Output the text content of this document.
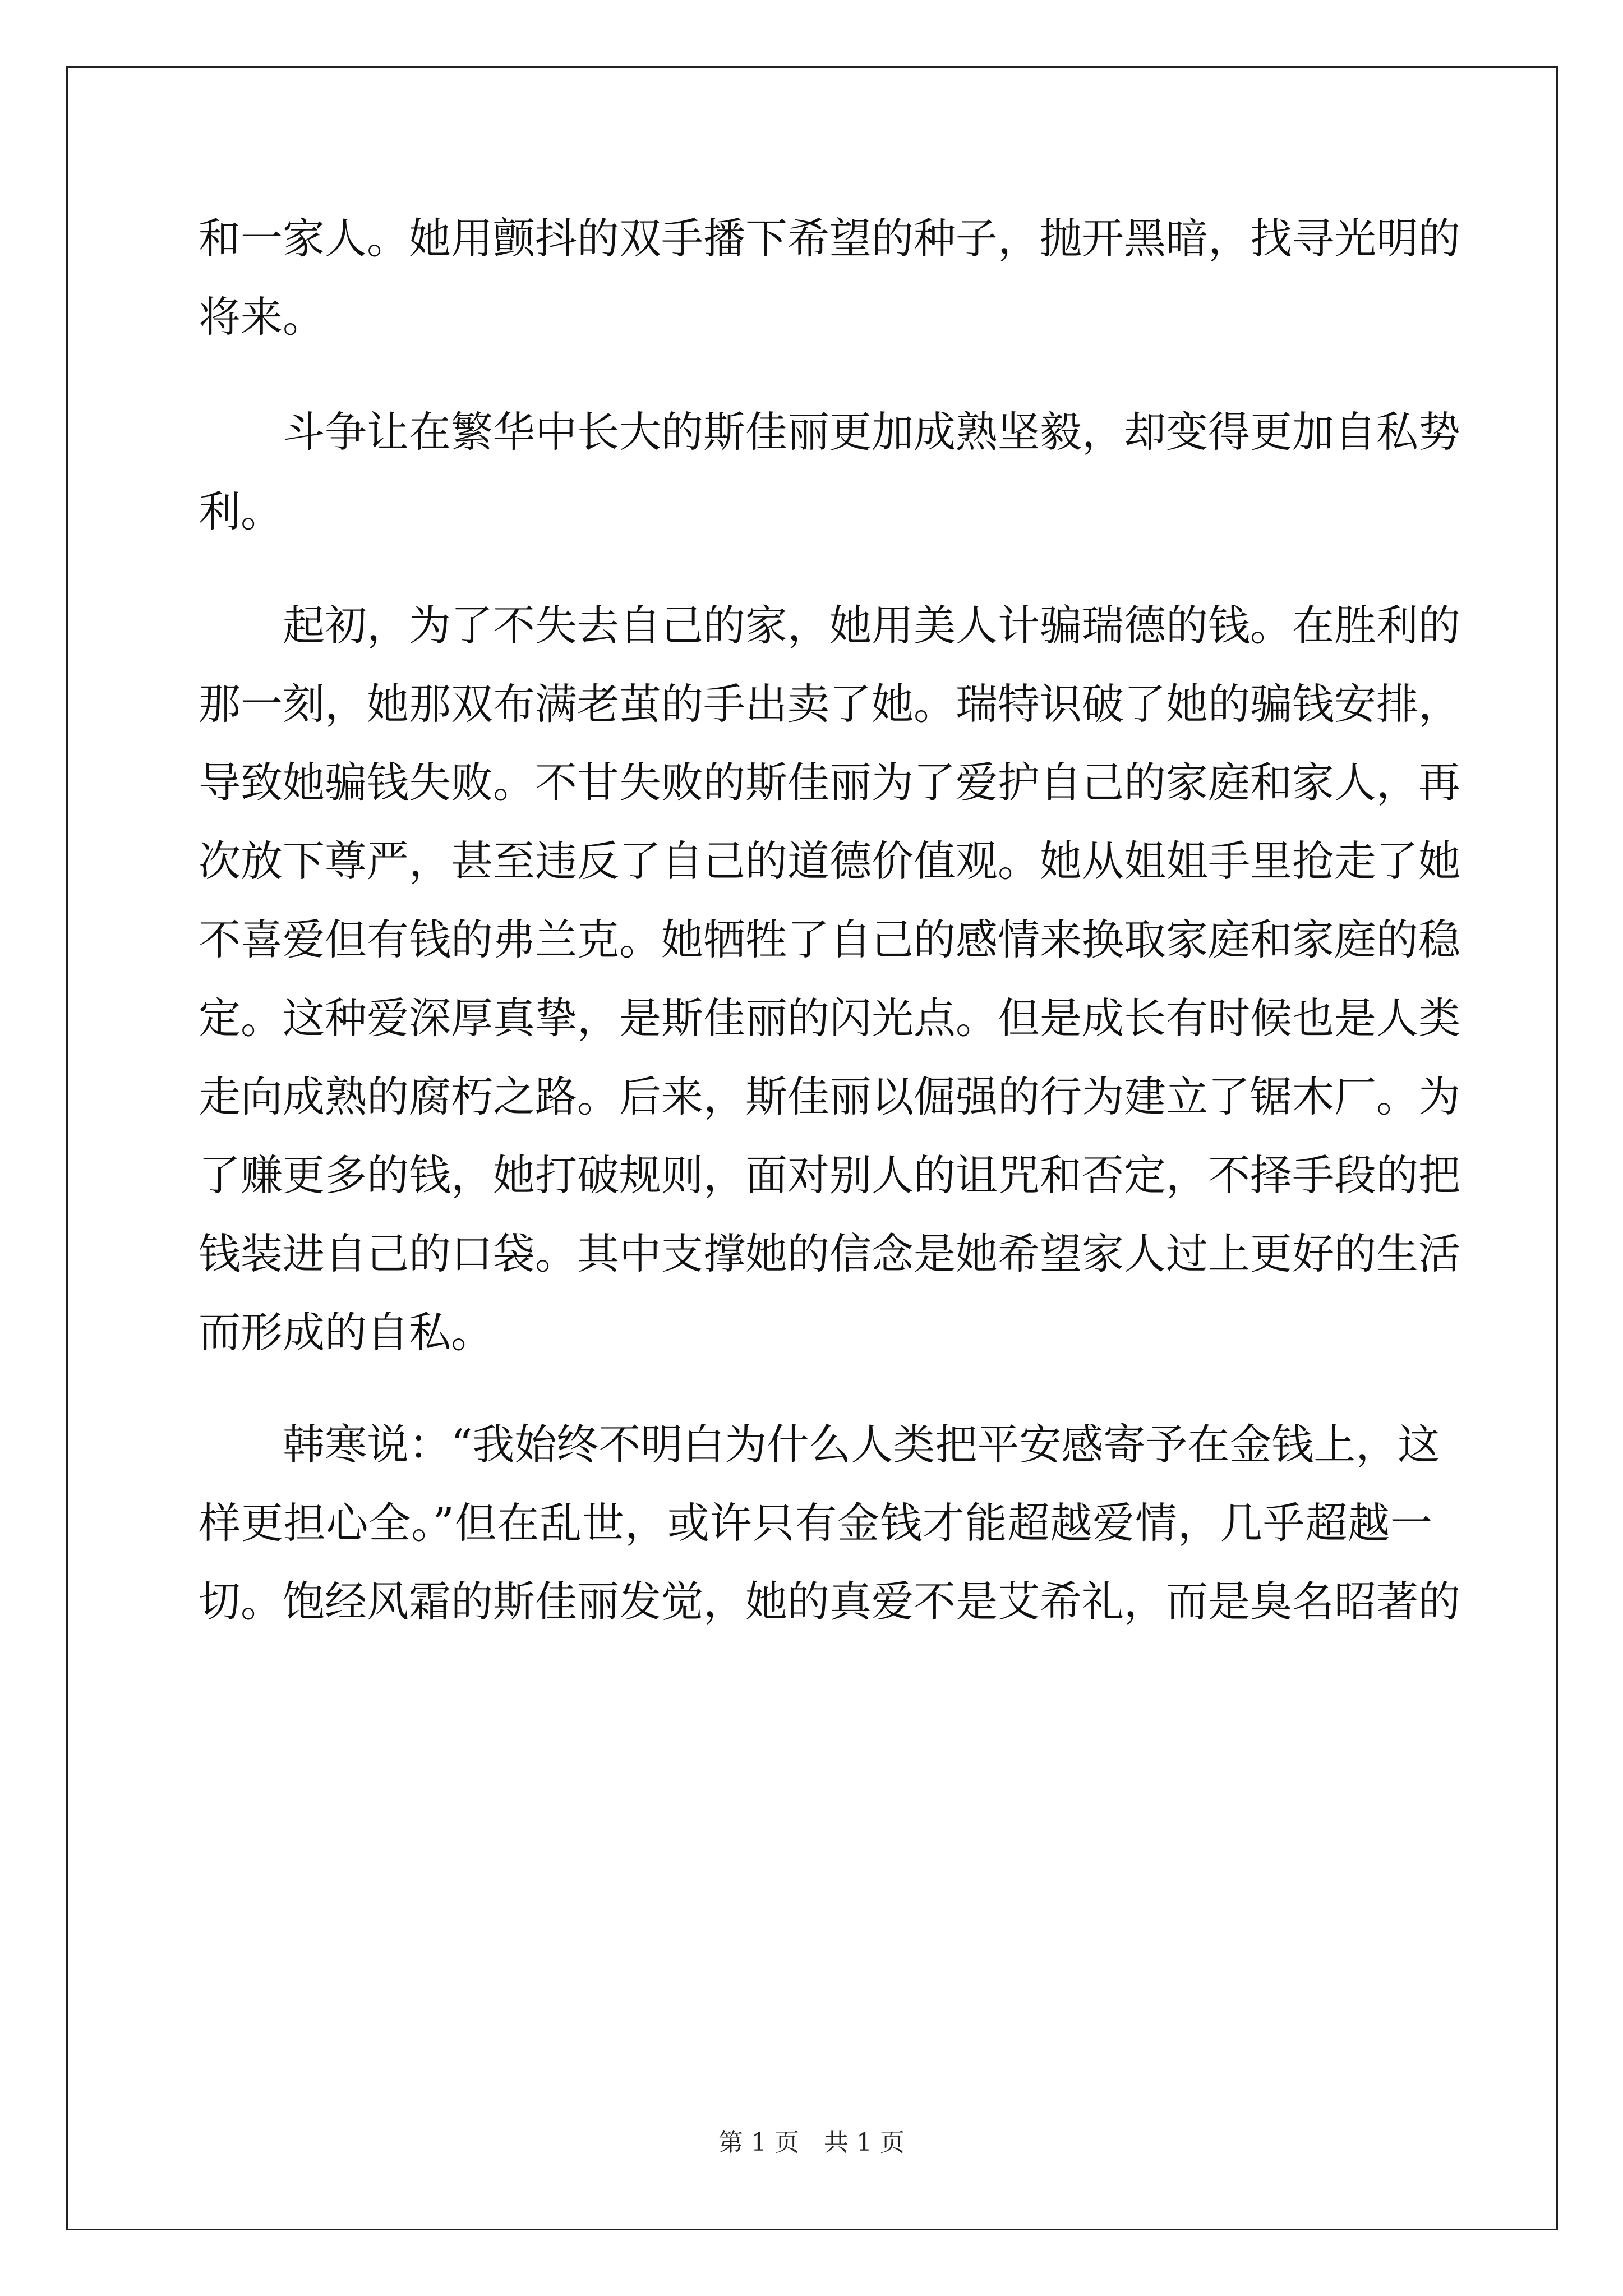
和一家人。她用颤抖的双手播下希望的种子，抛开黑暗，找寻光明的
将来。
　　斗争让在繁华中长大的斯佳丽更加成熟坚毅，却变得更加自私势
利。
　　起初，为了不失去自己的家，她用美人计骗瑞德的钱。在胜利的
那一刻，她那双布满老茧的手出卖了她。瑞特识破了她的骗钱安排，
导致她骗钱失败。不甘失败的斯佳丽为了爱护自己的家庭和家人，再
次放下尊严，甚至违反了自己的道德价值观。她从姐姐手里抢走了她
不喜爱但有钱的弗兰克。她牺牲了自己的感情来换取家庭和家庭的稳
定。这种爱深厚真挚，是斯佳丽的闪光点。但是成长有时候也是人类
走向成熟的腐朽之路。后来，斯佳丽以倔强的行为建立了锯木厂。为
了赚更多的钱，她打破规则，面对别人的诅咒和否定，不择手段的把
钱装进自己的口袋。其中支撑她的信念是她希望家人过上更好的生活
而形成的自私。
　　韩寒说：“我始终不明白为什么人类把平安感寄予在金钱上，这
样更担心全。”但在乱世，或许只有金钱才能超越爱情，几乎超越一
切。饱经风霜的斯佳丽发觉，她的真爱不是艾希礼，而是臭名昭著的
第 1 页　共 1 页
